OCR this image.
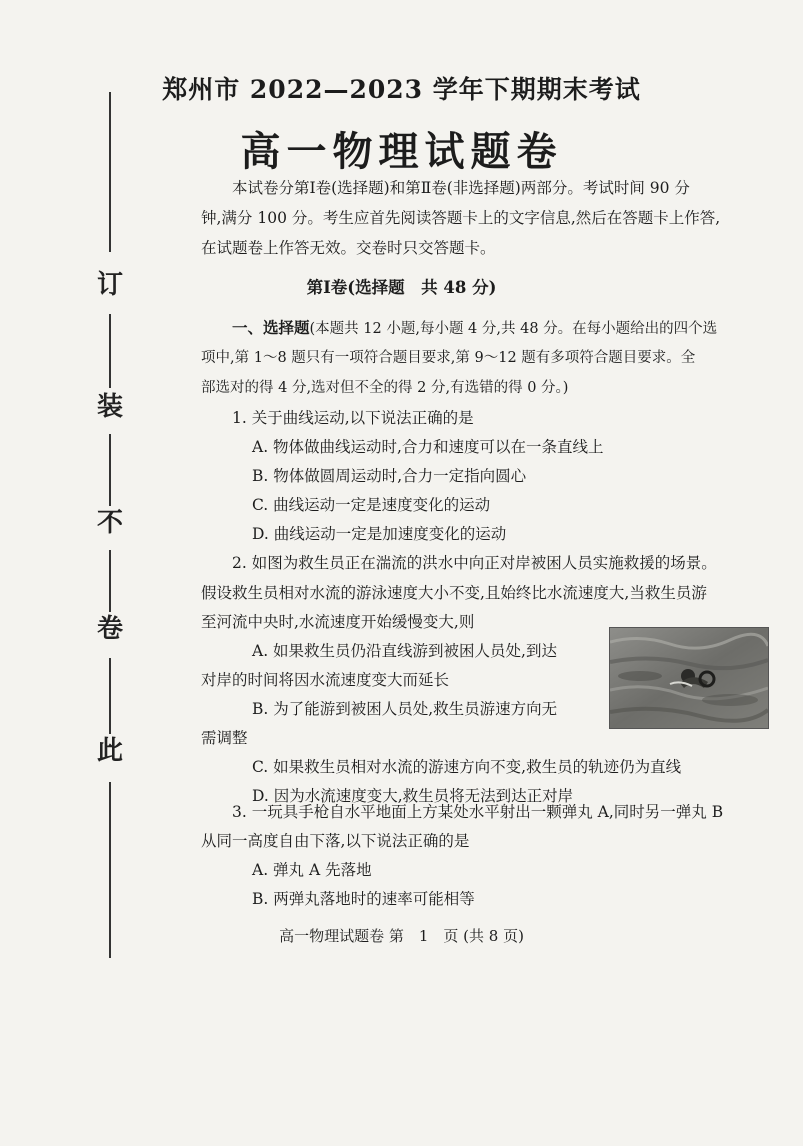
订
装
不
卷
此
郑州市 2022—2023 学年下期期末考试
高一物理试题卷
本试卷分第Ⅰ卷(选择题)和第Ⅱ卷(非选择题)两部分。考试时间 90 分
钟,满分 100 分。考生应首先阅读答题卡上的文字信息,然后在答题卡上作答,
在试题卷上作答无效。交卷时只交答题卡。
第Ⅰ卷(选择题　共 48 分)
一、选择题(本题共 12 小题,每小题 4 分,共 48 分。在每小题给出的四个选
项中,第 1～8 题只有一项符合题目要求,第 9～12 题有多项符合题目要求。全
部选对的得 4 分,选对但不全的得 2 分,有选错的得 0 分。)
1. 关于曲线运动,以下说法正确的是
A. 物体做曲线运动时,合力和速度可以在一条直线上
B. 物体做圆周运动时,合力一定指向圆心
C. 曲线运动一定是速度变化的运动
D. 曲线运动一定是加速度变化的运动
2. 如图为救生员正在湍流的洪水中向正对岸被困人员实施救援的场景。
假设救生员相对水流的游泳速度大小不变,且始终比水流速度大,当救生员游
至河流中央时,水流速度开始缓慢变大,则
A. 如果救生员仍沿直线游到被困人员处,到达
对岸的时间将因水流速度变大而延长
B. 为了能游到被困人员处,救生员游速方向无
需调整
C. 如果救生员相对水流的游速方向不变,救生员的轨迹仍为直线
D. 因为水流速度变大,救生员将无法到达正对岸
3. 一玩具手枪自水平地面上方某处水平射出一颗弹丸 A,同时另一弹丸 B
从同一高度自由下落,以下说法正确的是
A. 弹丸 A 先落地
B. 两弹丸落地时的速率可能相等
高一物理试题卷 第　1　页 (共 8 页)
